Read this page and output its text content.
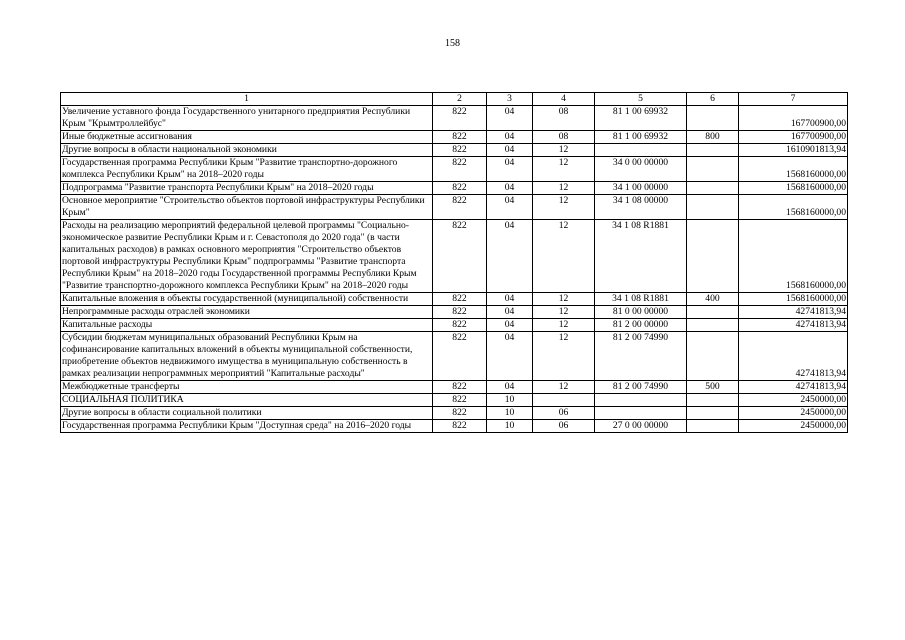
158
1	2	3	4	5	6	7
Увеличение уставного фонда Государственного унитарного предприятия Республики Крым "Крымтроллейбус"	822	04	08	81 1 00 69932		167700900,00
Иные бюджетные ассигнования	822	04	08	81 1 00 69932	800	167700900,00
Другие вопросы в области национальной экономики	822	04	12			1610901813,94
Государственная программа Республики Крым "Развитие транспортно-дорожного комплекса Республики Крым" на 2018–2020 годы	822	04	12	34 0 00 00000		1568160000,00
Подпрограмма "Развитие транспорта Республики Крым" на 2018–2020 годы	822	04	12	34 1 00 00000		1568160000,00
Основное мероприятие "Строительство объектов портовой инфраструктуры Республики Крым"	822	04	12	34 1 08 00000		1568160000,00
Расходы на реализацию мероприятий федеральной целевой программы "Социально-экономическое развитие Республики Крым и г. Севастополя до 2020 года" (в части капитальных расходов) в рамках основного мероприятия "Строительство объектов портовой инфраструктуры Республики Крым" подпрограммы "Развитие транспорта Республики Крым" на 2018–2020 годы Государственной программы Республики Крым "Развитие транспортно-дорожного комплекса Республики Крым" на 2018–2020 годы	822	04	12	34 1 08 R1881		1568160000,00
Капитальные вложения в объекты государственной (муниципальной) собственности	822	04	12	34 1 08 R1881	400	1568160000,00
Непрограммные расходы отраслей экономики	822	04	12	81 0 00 00000		42741813,94
Капитальные расходы	822	04	12	81 2 00 00000		42741813,94
Субсидии бюджетам муниципальных образований Республики Крым на софинансирование капитальных вложений в объекты муниципальной собственности, приобретение объектов недвижимого имущества в муниципальную собственность в рамках реализации непрограммных мероприятий "Капитальные расходы"	822	04	12	81 2 00 74990		42741813,94
Межбюджетные трансферты	822	04	12	81 2 00 74990	500	42741813,94
СОЦИАЛЬНАЯ ПОЛИТИКА	822	10				2450000,00
Другие вопросы в области социальной политики	822	10	06			2450000,00
Государственная программа Республики Крым "Доступная среда" на 2016–2020 годы	822	10	06	27 0 00 00000		2450000,00
